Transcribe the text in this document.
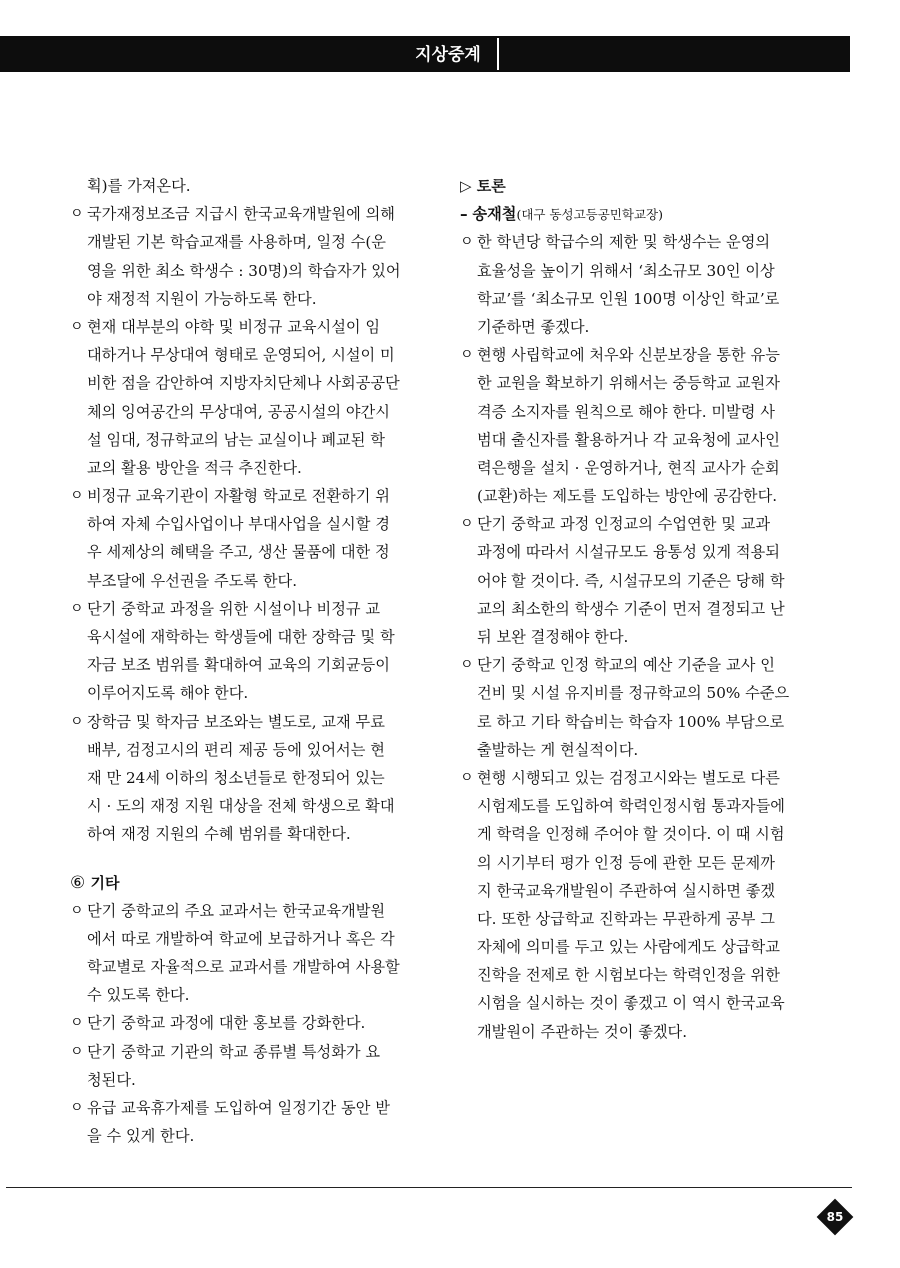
지상중계
획)를 가져온다.
ㅇ 국가재정보조금 지급시 한국교육개발원에 의해
개발된 기본 학습교재를 사용하며, 일정 수(운
영을 위한 최소 학생수 : 30명)의 학습자가 있어
야 재정적 지원이 가능하도록 한다.
ㅇ 현재 대부분의 야학 및 비정규 교육시설이 임
대하거나 무상대여 형태로 운영되어, 시설이 미
비한 점을 감안하여 지방자치단체나 사회공공단
체의 잉여공간의 무상대여, 공공시설의 야간시
설 임대, 정규학교의 남는 교실이나 폐교된 학
교의 활용 방안을 적극 추진한다.
ㅇ 비정규 교육기관이 자활형 학교로 전환하기 위
하여 자체 수입사업이나 부대사업을 실시할 경
우 세제상의 혜택을 주고, 생산 물품에 대한 정
부조달에 우선권을 주도록 한다.
ㅇ 단기 중학교 과정을 위한 시설이나 비정규 교
육시설에 재학하는 학생들에 대한 장학금 및 학
자금 보조 범위를 확대하여 교육의 기회균등이
이루어지도록 해야 한다.
ㅇ 장학금 및 학자금 보조와는 별도로, 교재 무료
배부, 검정고시의 편리 제공 등에 있어서는 현
재 만 24세 이하의 청소년들로 한정되어 있는
시 · 도의 재정 지원 대상을 전체 학생으로 확대
하여 재정 지원의 수혜 범위를 확대한다.
⑥ 기타
ㅇ 단기 중학교의 주요 교과서는 한국교육개발원
에서 따로 개발하여 학교에 보급하거나 혹은 각
학교별로 자율적으로 교과서를 개발하여 사용할
수 있도록 한다.
ㅇ 단기 중학교 과정에 대한 홍보를 강화한다.
ㅇ 단기 중학교 기관의 학교 종류별 특성화가 요
청된다.
ㅇ 유급 교육휴가제를 도입하여 일정기간 동안 받
을 수 있게 한다.
▷ 토론
– 송재철(대구 동성고등공민학교장)
ㅇ 한 학년당 학급수의 제한 및 학생수는 운영의
효율성을 높이기 위해서 ‘최소규모 30인 이상
학교’를 ‘최소규모 인원 100명 이상인 학교’로
기준하면 좋겠다.
ㅇ 현행 사립학교에 처우와 신분보장을 통한 유능
한 교원을 확보하기 위해서는 중등학교 교원자
격증 소지자를 원칙으로 해야 한다. 미발령 사
범대 출신자를 활용하거나 각 교육청에 교사인
력은행을 설치 · 운영하거나, 현직 교사가 순회
(교환)하는 제도를 도입하는 방안에 공감한다.
ㅇ 단기 중학교 과정 인정교의 수업연한 및 교과
과정에 따라서 시설규모도 융통성 있게 적용되
어야 할 것이다. 즉, 시설규모의 기준은 당해 학
교의 최소한의 학생수 기준이 먼저 결정되고 난
뒤 보완 결정해야 한다.
ㅇ 단기 중학교 인정 학교의 예산 기준을 교사 인
건비 및 시설 유지비를 정규학교의 50% 수준으
로 하고 기타 학습비는 학습자 100% 부담으로
출발하는 게 현실적이다.
ㅇ 현행 시행되고 있는 검정고시와는 별도로 다른
시험제도를 도입하여 학력인정시험 통과자들에
게 학력을 인정해 주어야 할 것이다. 이 때 시험
의 시기부터 평가 인정 등에 관한 모든 문제까
지 한국교육개발원이 주관하여 실시하면 좋겠
다. 또한 상급학교 진학과는 무관하게 공부 그
자체에 의미를 두고 있는 사람에게도 상급학교
진학을 전제로 한 시험보다는 학력인정을 위한
시험을 실시하는 것이 좋겠고 이 역시 한국교육
개발원이 주관하는 것이 좋겠다.
85
